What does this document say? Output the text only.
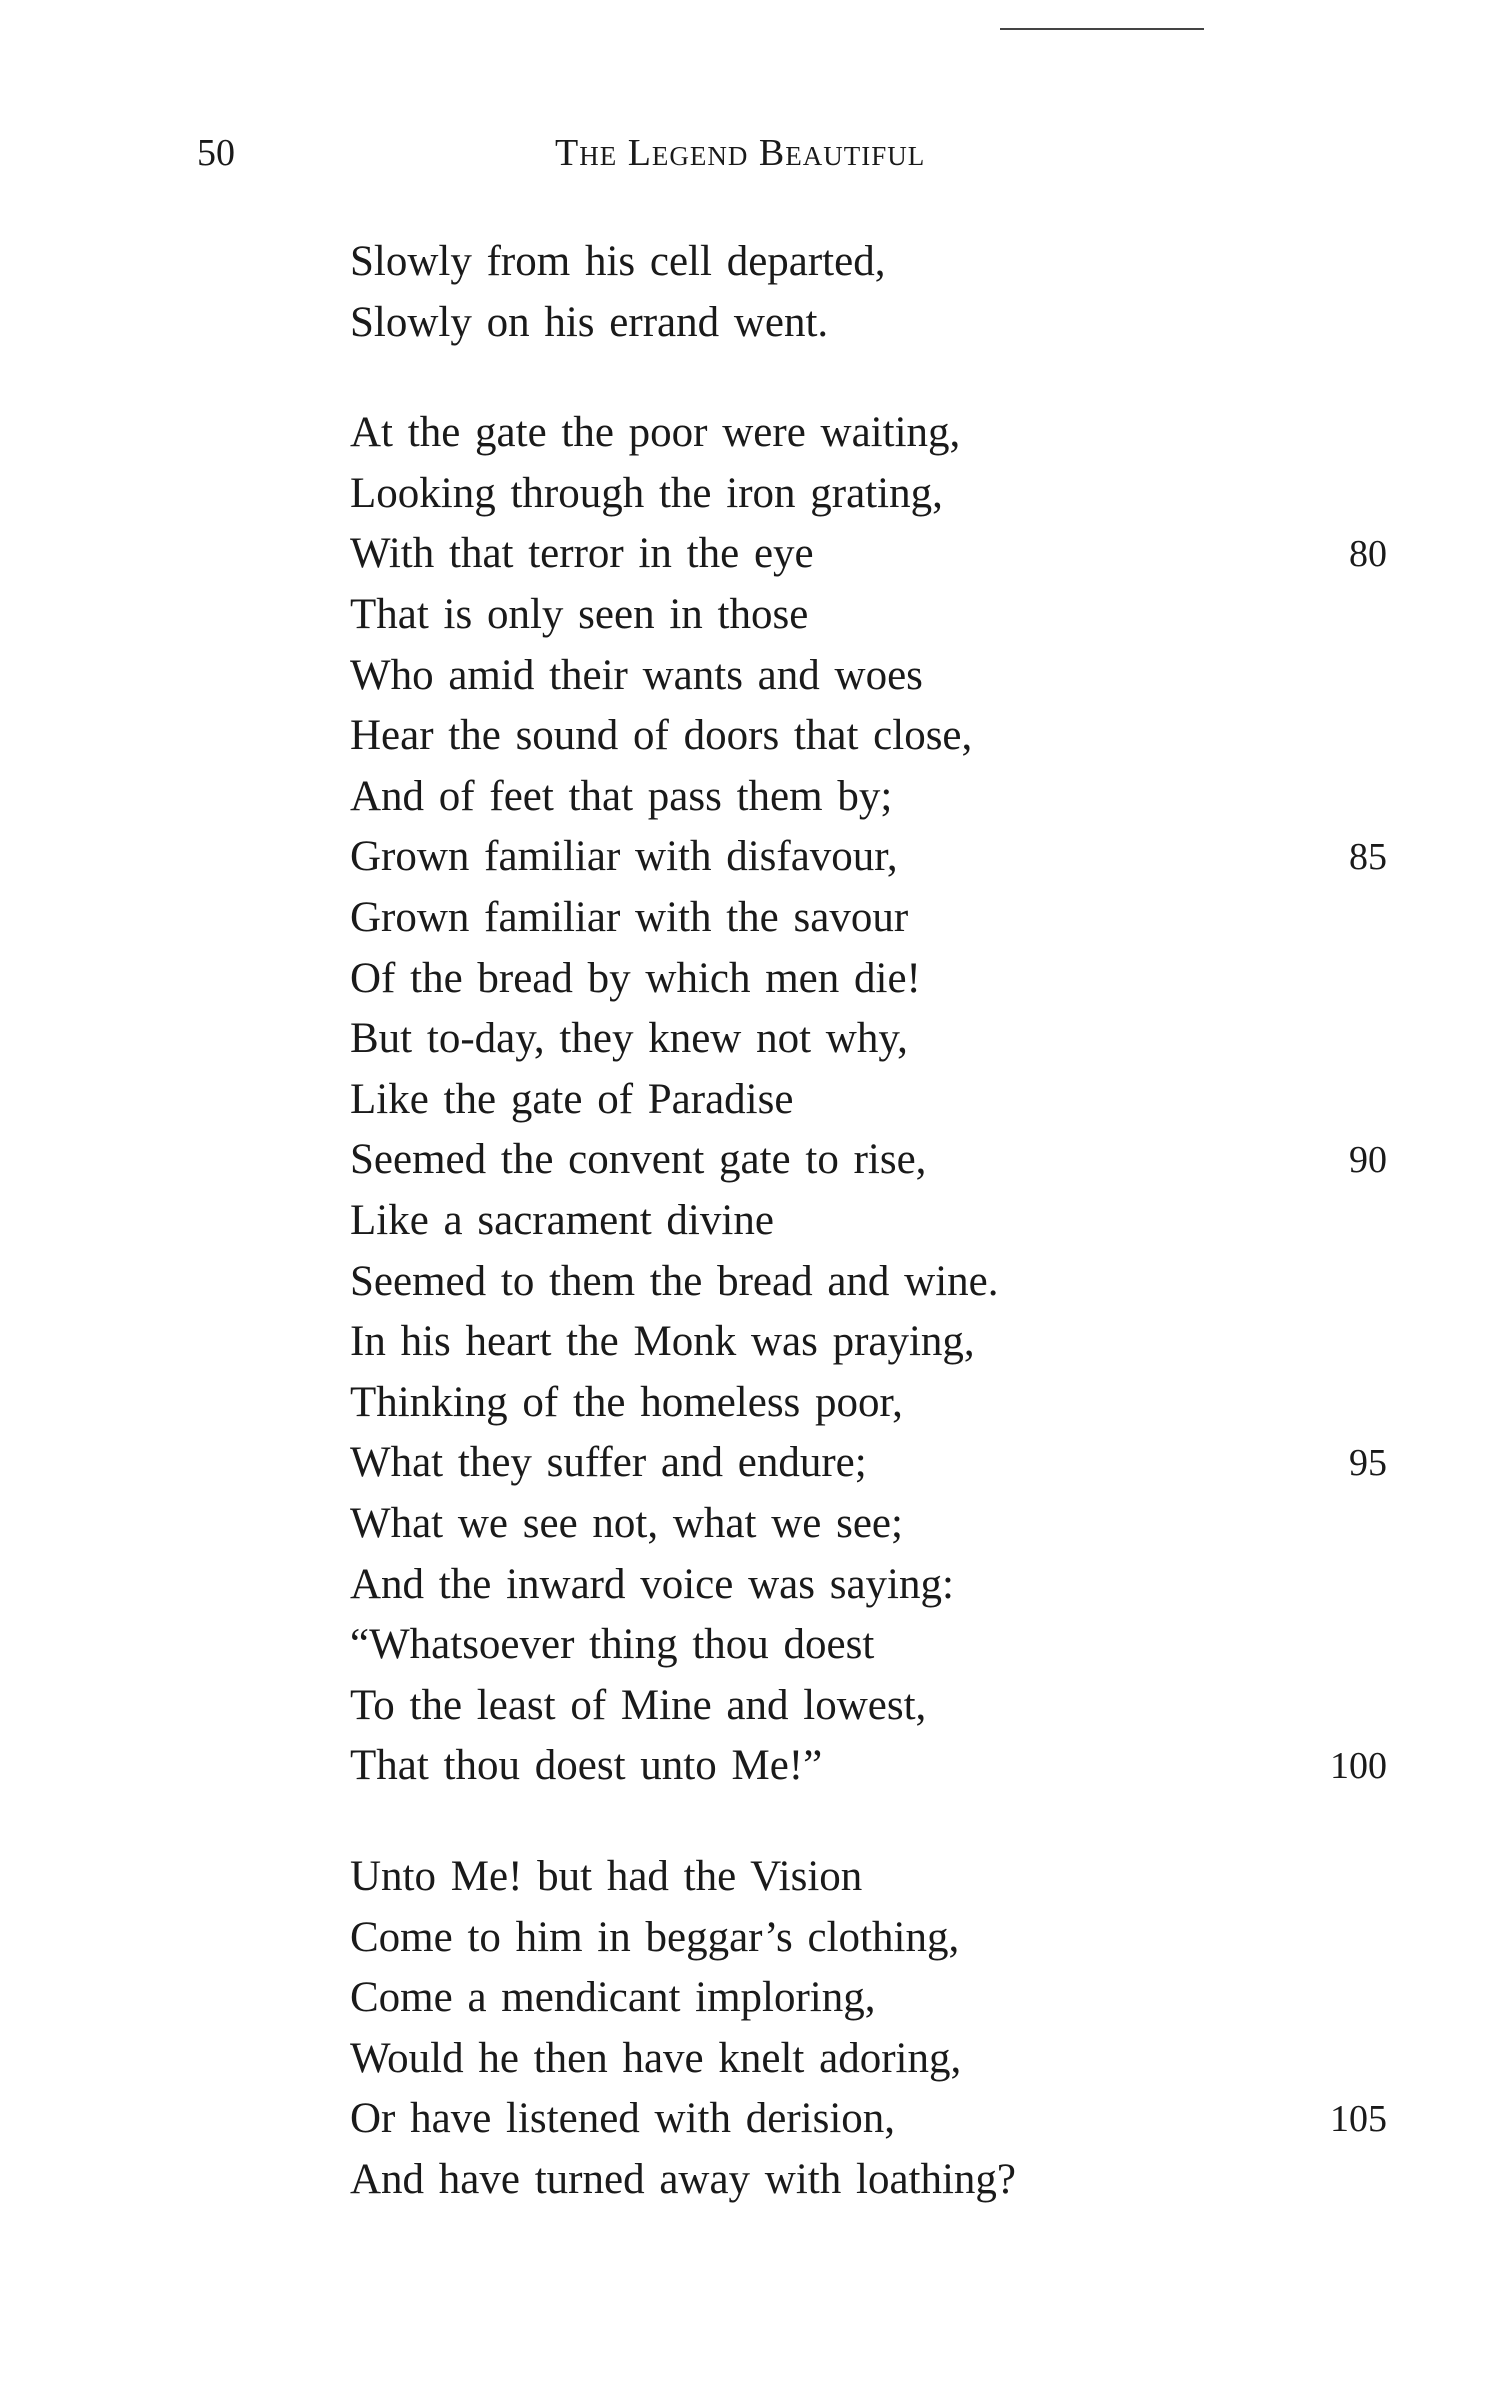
50	The Legend Beautiful
Slowly from his cell departed,
Slowly on his errand went.
At the gate the poor were waiting,
Looking through the iron grating,
With that terror in the eye	80
That is only seen in those
Who amid their wants and woes
Hear the sound of doors that close,
And of feet that pass them by;
Grown familiar with disfavour,	85
Grown familiar with the savour
Of the bread by which men die!
But to-day, they knew not why,
Like the gate of Paradise
Seemed the convent gate to rise,	90
Like a sacrament divine
Seemed to them the bread and wine.
In his heart the Monk was praying,
Thinking of the homeless poor,
What they suffer and endure;	95
What we see not, what we see;
And the inward voice was saying:
“Whatsoever thing thou doest
To the least of Mine and lowest,
That thou doest unto Me!”	100
Unto Me! but had the Vision
Come to him in beggar’s clothing,
Come a mendicant imploring,
Would he then have knelt adoring,
Or have listened with derision,	105
And have turned away with loathing?
